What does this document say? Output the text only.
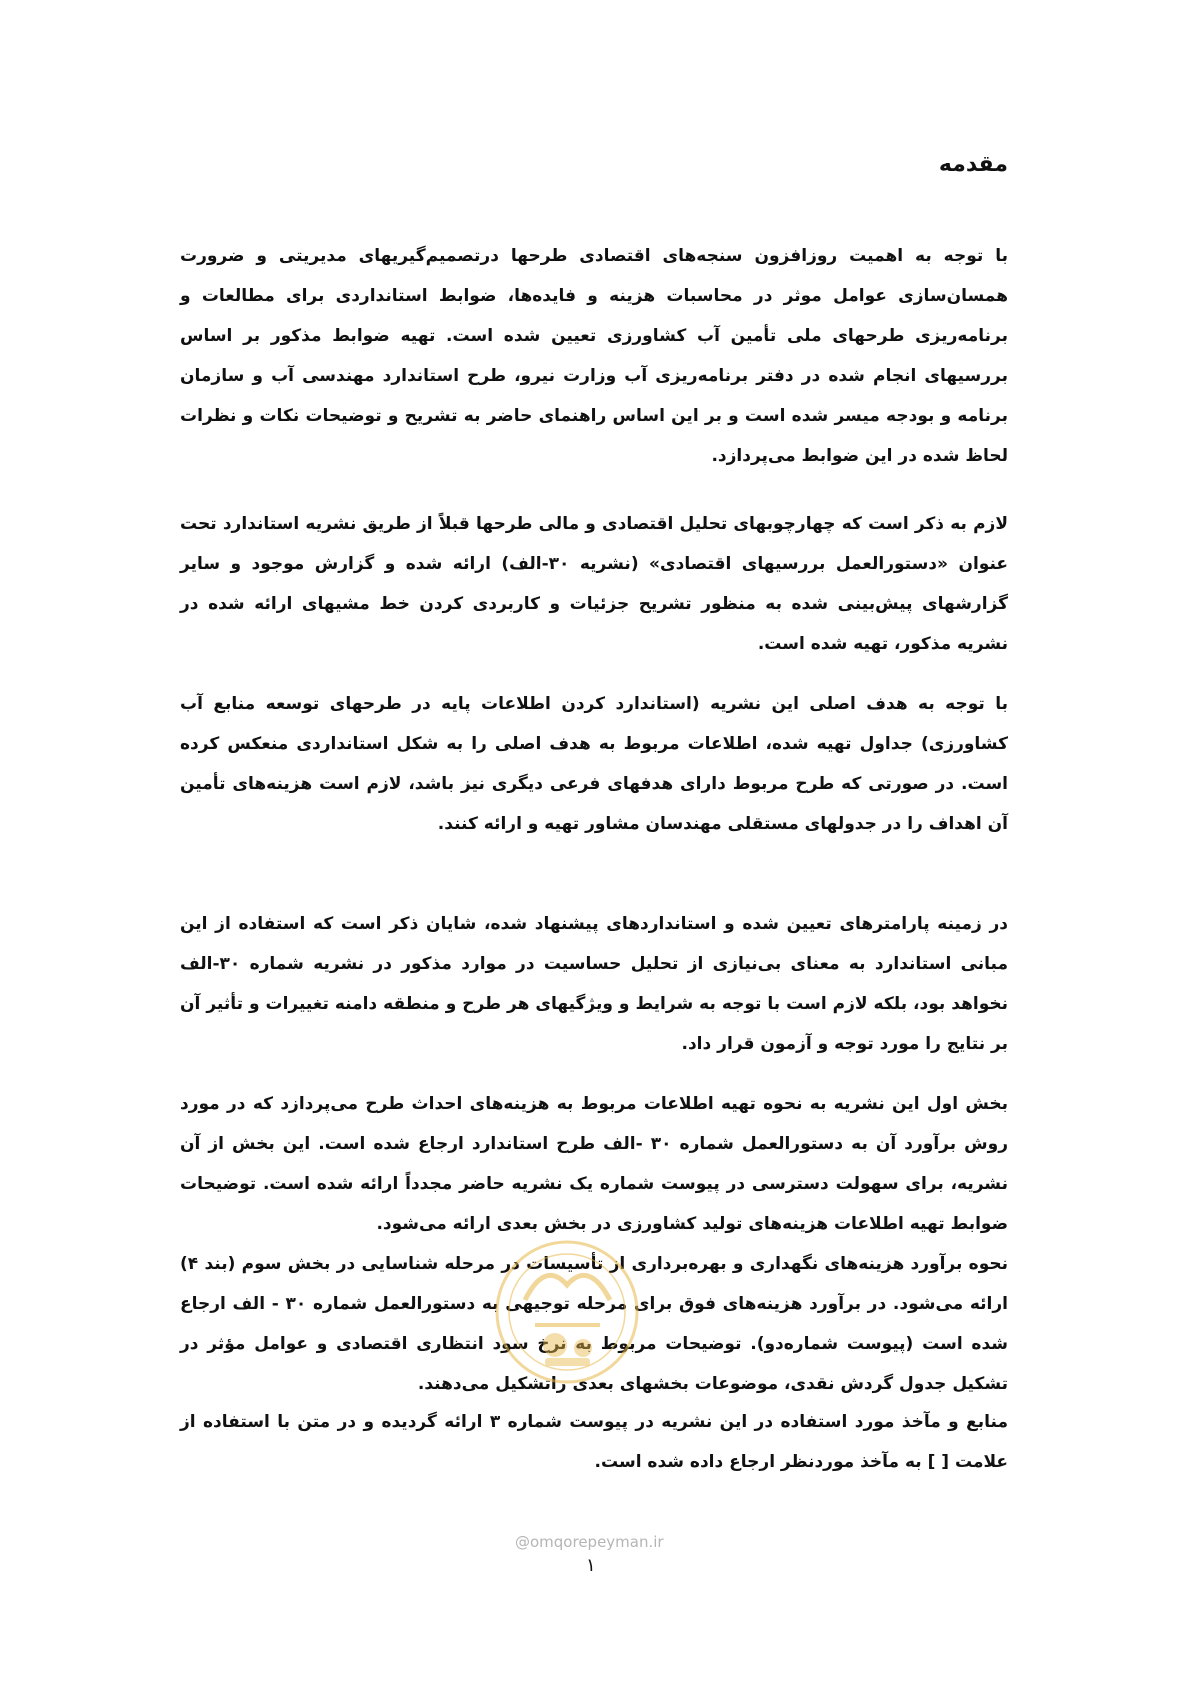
مقدمه

با توجه به اهمیت روزافزون سنجه‌های اقتصادی طرحها درتصمیم‌گیریهای مدیریتی و ضرورت همسان‌سازی عوامل موثر در محاسبات هزینه و فایده‌ها، ضوابط استانداردی برای مطالعات و برنامه‌ریزی طرحهای ملی تأمین آب کشاورزی تعیین شده است. تهیه ضوابط مذکور بر اساس بررسیهای انجام شده در دفتر برنامه‌ریزی آب وزارت نیرو، طرح استاندارد مهندسی آب و سازمان برنامه و بودجه میسر شده است و بر این اساس راهنمای حاضر به تشریح و توضیحات نکات و نظرات لحاظ شده در این ضوابط می‌پردازد.

لازم به ذکر است که چهارچوبهای تحلیل اقتصادی و مالی طرحها قبلاً از طریق نشریه استاندارد تحت عنوان «دستورالعمل بررسیهای اقتصادی» (نشریه ۳۰-الف) ارائه شده و گزارش موجود و سایر گزارشهای پیش‌بینی شده به منظور تشریح جزئیات و کاربردی کردن خط مشیهای ارائه شده در نشریه مذکور، تهیه شده است.

با توجه به هدف اصلی این نشریه (استاندارد کردن اطلاعات پایه در طرحهای توسعه منابع آب کشاورزی) جداول تهیه شده، اطلاعات مربوط به هدف اصلی را به شکل استانداردی منعکس کرده است. در صورتی که طرح مربوط دارای هدفهای فرعی دیگری نیز باشد، لازم است هزینه‌های تأمین آن اهداف را در جدولهای مستقلی مهندسان مشاور تهیه و ارائه کنند.

در زمینه پارامترهای تعیین شده و استانداردهای پیشنهاد شده، شایان ذکر است که استفاده از این مبانی استاندارد به معنای بی‌نیازی از تحلیل حساسیت در موارد مذکور در نشریه شماره ۳۰-الف نخواهد بود، بلکه لازم است با توجه به شرایط و ویژگیهای هر طرح و منطقه دامنه تغییرات و تأثیر آن بر نتایج را مورد توجه و آزمون قرار داد.

بخش اول این نشریه به نحوه تهیه اطلاعات مربوط به هزینه‌های احداث طرح می‌پردازد که در مورد روش برآورد آن به دستورالعمل شماره ۳۰ -الف طرح استاندارد ارجاع شده است. این بخش از آن نشریه، برای سهولت دسترسی در پیوست شماره یک نشریه حاضر مجدداً ارائه شده است. توضیحات ضوابط تهیه اطلاعات هزینه‌های تولید کشاورزی در بخش بعدی ارائه می‌شود.

نحوه برآورد هزینه‌های نگهداری و بهره‌برداری از تأسیسات در مرحله شناسایی در بخش سوم (بند ۴) ارائه می‌شود. در برآورد هزینه‌های فوق برای مرحله توجیهی به دستورالعمل شماره ۳۰ - الف ارجاع شده است (پیوست شماره‌دو). توضیحات مربوط به نرخ سود انتظاری اقتصادی و عوامل مؤثر در تشکیل جدول گردش نقدی، موضوعات بخشهای بعدی راتشکیل می‌دهند.

منابع و مآخذ مورد استفاده در این نشریه در پیوست شماره ۳ ارائه گردیده و در متن با استفاده از علامت [ ] به مآخذ موردنظر ارجاع داده شده است.

@omqorepeyman.ir

۱
